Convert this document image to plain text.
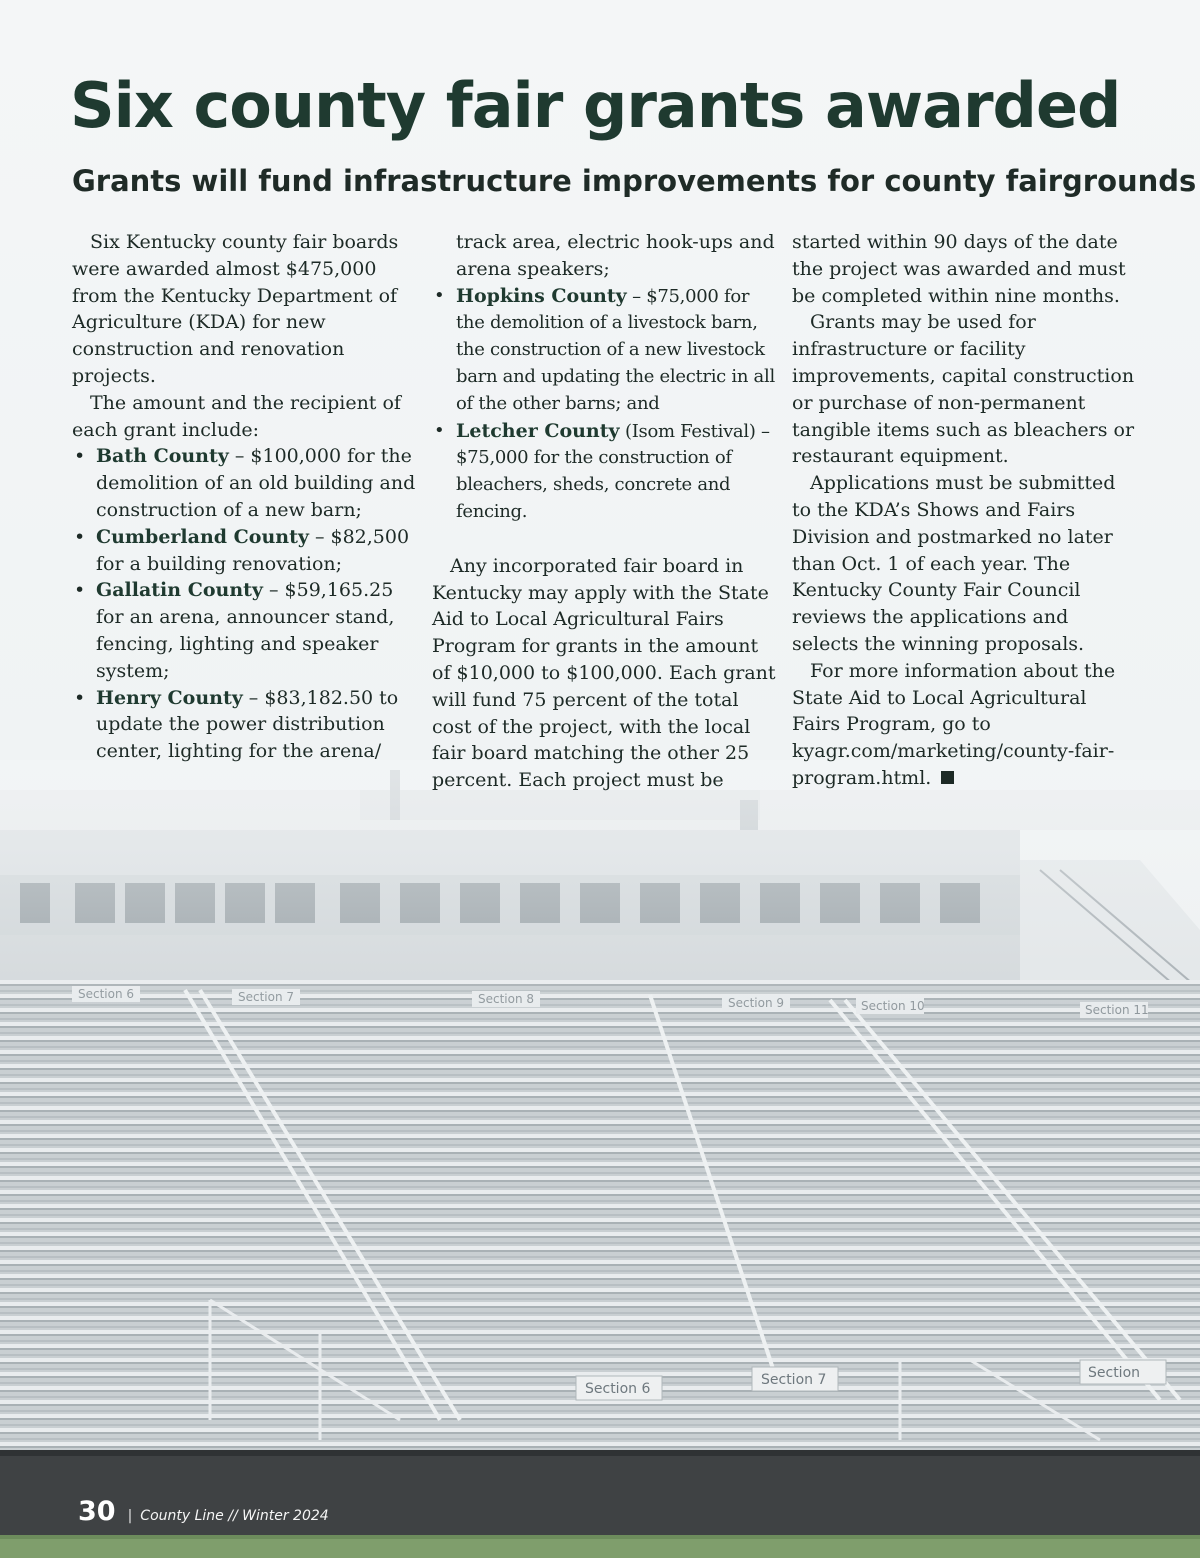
Section 6
Section 7	Section
Six county fair grants awarded
Grants will fund infrastructure improvements for county fairgrounds

Six Kentucky county fair boards were awarded almost $475,000 from the Kentucky Department of Agriculture (KDA) for new construction and renovation projects.

The amount and the recipient of each grant include:

• Bath County – $100,000 for the demolition of an old building and construction of a new barn;
• Cumberland County – $82,500 for a building renovation;
• Gallatin County – $59,165.25 for an arena, announcer stand, fencing, lighting and speaker system;
• Henry County – $83,182.50 to update the power distribution center, lighting for the arena/

track area, electric hook-ups and arena speakers;

• Hopkins County – $75,000 for the demolition of a livestock barn, the construction of a new livestock barn and updating the electric in all of the other barns; and
• Letcher County (Isom Festival) – $75,000 for the construction of bleachers, sheds, concrete and fencing.

Any incorporated fair board in Kentucky may apply with the State Aid to Local Agricultural Fairs Program for grants in the amount of $10,000 to $100,000. Each grant will fund 75 percent of the total cost of the project, with the local fair board matching the other 25 percent. Each project must be

started within 90 days of the date the project was awarded and must be completed within nine months.

Grants may be used for infrastructure or facility improvements, capital construction or purchase of non-permanent tangible items such as bleachers or restaurant equipment.

Applications must be submitted to the KDA’s Shows and Fairs Division and postmarked no later than Oct. 1 of each year. The Kentucky County Fair Council reviews the applications and selects the winning proposals.

For more information about the State Aid to Local Agricultural Fairs Program, go to kyagr.com/marketing/county-fair-program.html.

30 | County Line // Winter 2024
